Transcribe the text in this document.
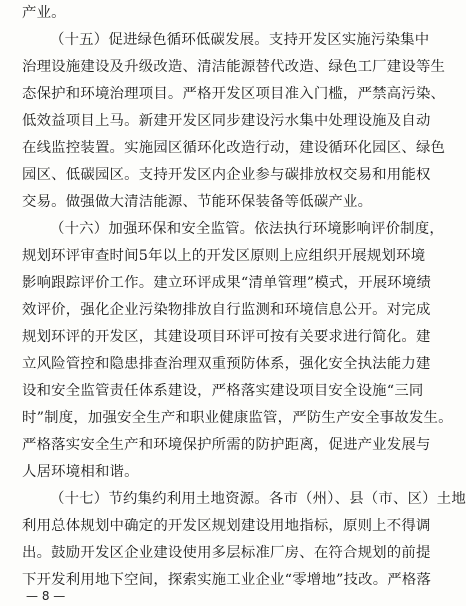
产业。
（十五）促进绿色循环低碳发展。支持开发区实施污染集中
治理设施建设及升级改造、清洁能源替代改造、绿色工厂建设等生
态保护和环境治理项目。严格开发区项目准入门槛，严禁高污染、
低效益项目上马。新建开发区同步建设污水集中处理设施及自动
在线监控装置。实施园区循环化改造行动，建设循环化园区、绿色
园区、低碳园区。支持开发区内企业参与碳排放权交易和用能权
交易。做强做大清洁能源、节能环保装备等低碳产业。
（十六）加强环保和安全监管。依法执行环境影响评价制度，
规划环评审查时间5年以上的开发区原则上应组织开展规划环境
影响跟踪评价工作。建立环评成果“清单管理”模式，开展环境绩
效评价，强化企业污染物排放自行监测和环境信息公开。对完成
规划环评的开发区，其建设项目环评可按有关要求进行简化。建
立风险管控和隐患排查治理双重预防体系，强化安全执法能力建
设和安全监管责任体系建设，严格落实建设项目安全设施“三同
时”制度，加强安全生产和职业健康监管，严防生产安全事故发生。
严格落实安全生产和环境保护所需的防护距离，促进产业发展与
人居环境相和谐。
（十七）节约集约利用土地资源。各市（州）、县（市、区）土地
利用总体规划中确定的开发区规划建设用地指标，原则上不得调
出。鼓励开发区企业建设使用多层标准厂房、在符合规划的前提
下开发利用地下空间，探索实施工业企业“零增地”技改。严格落
— 8 —
